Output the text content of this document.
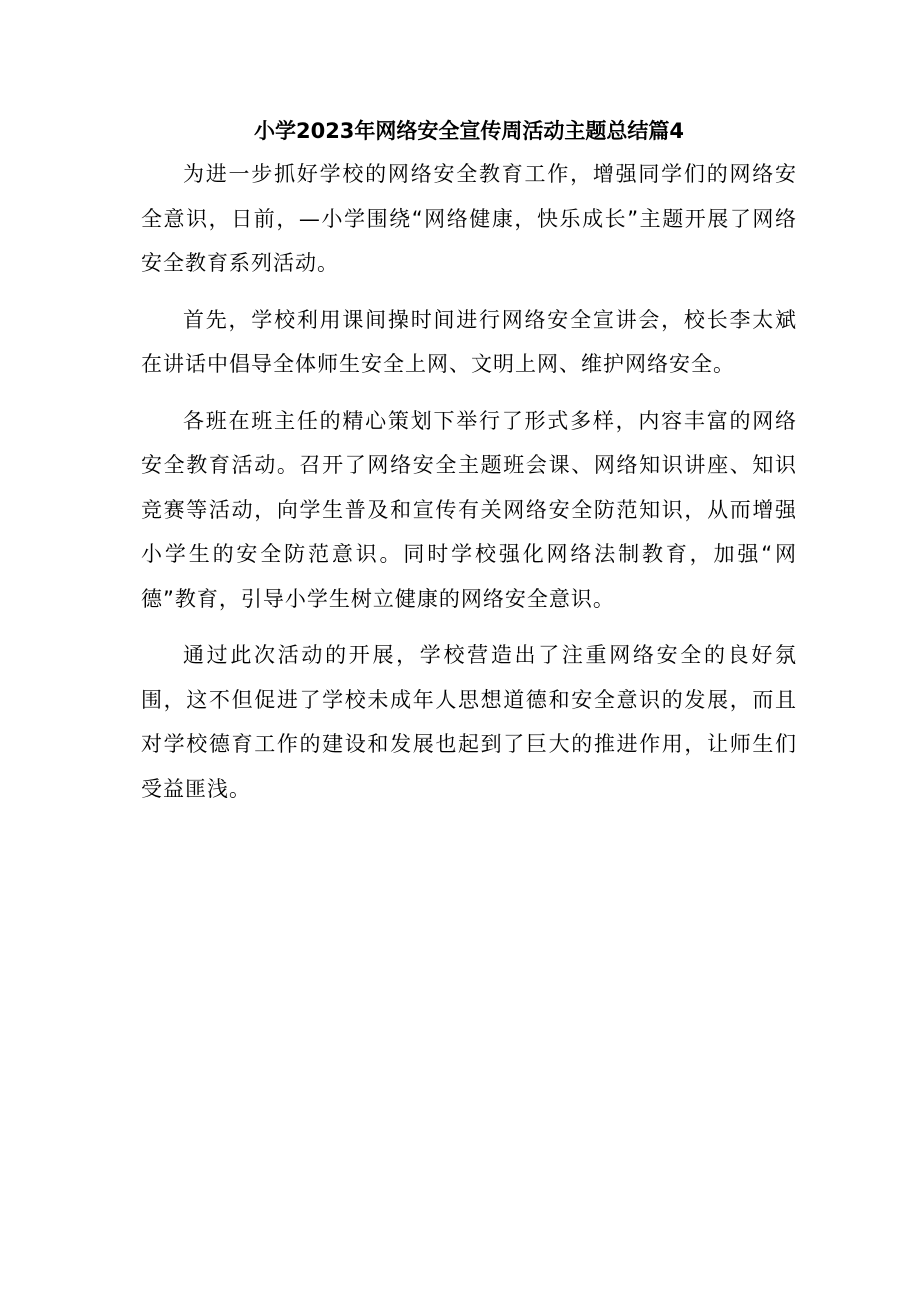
小学2023年网络安全宣传周活动主题总结篇4

为进一步抓好学校的网络安全教育工作，增强同学们的网络安全意识，日前，—小学围绕“网络健康，快乐成长”主题开展了网络安全教育系列活动。

首先，学校利用课间操时间进行网络安全宣讲会，校长李太斌在讲话中倡导全体师生安全上网、文明上网、维护网络安全。

各班在班主任的精心策划下举行了形式多样，内容丰富的网络安全教育活动。召开了网络安全主题班会课、网络知识讲座、知识竞赛等活动，向学生普及和宣传有关网络安全防范知识，从而增强小学生的安全防范意识。同时学校强化网络法制教育，加强“网德”教育，引导小学生树立健康的网络安全意识。

通过此次活动的开展，学校营造出了注重网络安全的良好氛围，这不但促进了学校未成年人思想道德和安全意识的发展，而且对学校德育工作的建设和发展也起到了巨大的推进作用，让师生们受益匪浅。
